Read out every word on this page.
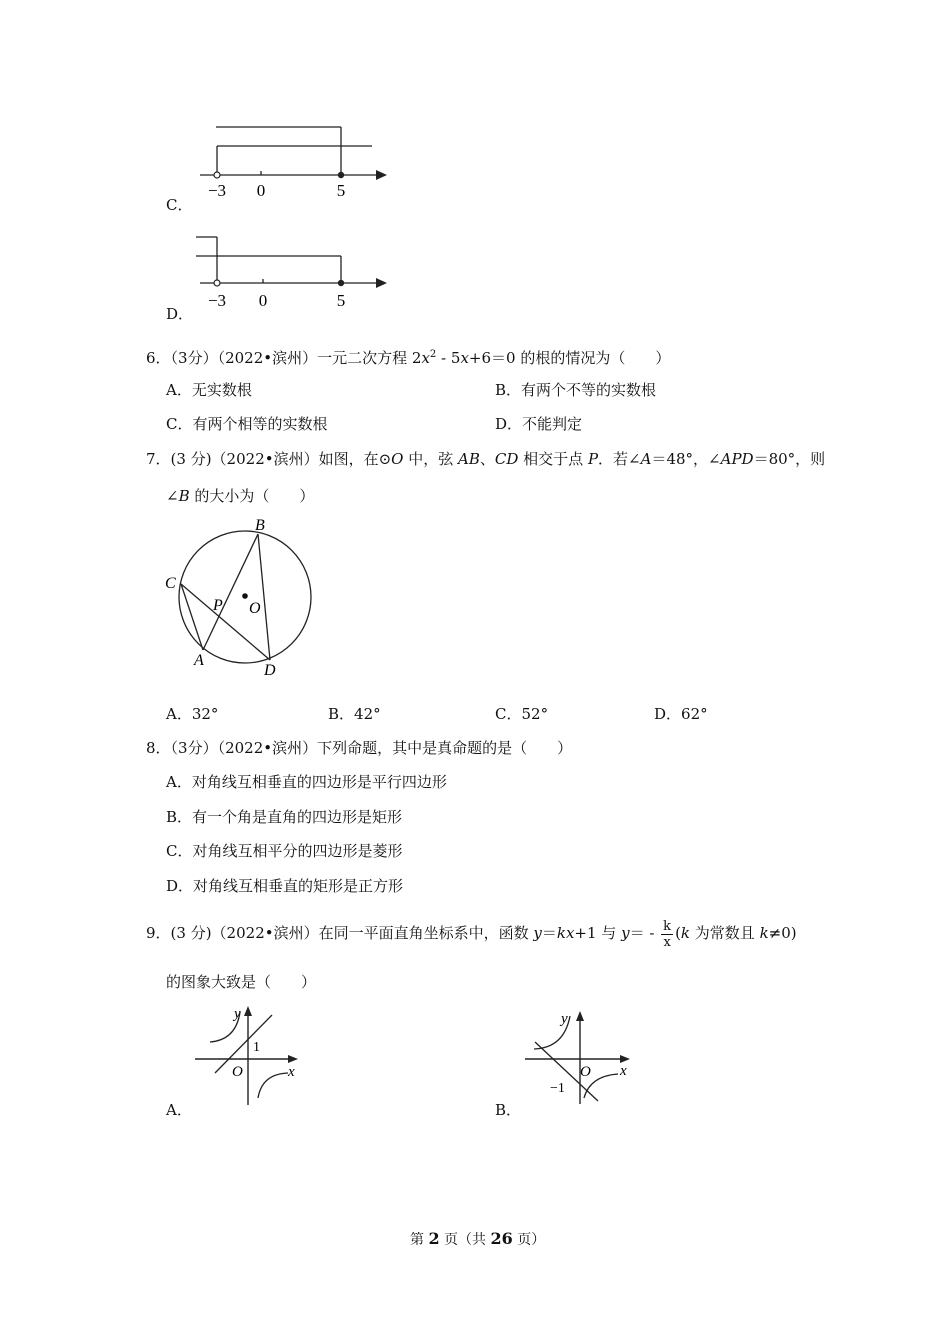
−3 0	5
C．
−3 0	5
D．
6．（3分）（2022•滨州）一元二次方程 $2x^2 - 5x+6=0$ 的根的情况为（　　）
A．无实数根	B．有两个不等的实数根
C．有两个相等的实数根	D．不能判定
7．(3 分)（2022•滨州）如图，在⊙O 中，弦 AB、CD 相交于点 P．若∠A＝48°，∠APD＝80°，则
∠B 的大小为（　　）
B
C
P O
A
D
A．32°	B．42°	C．52°	D．62°
8．（3分）（2022•滨州）下列命题，其中是真命题的是（　　）
A．对角线互相垂直的四边形是平行四边形
B．有一个角是直角的四边形是矩形
C．对角线互相平分的四边形是菱形
D．对角线互相垂直的矩形是正方形
9．(3 分)（2022•滨州）在同一平面直角坐标系中，函数 y＝kx+1 与 $y= - \frac{k}{x} (k$ 为常数且 k≠0)
的图象大致是（　　）
y
x
O
1
A．
y
x
O
−1
B．
第 2 页（共 26 页）
